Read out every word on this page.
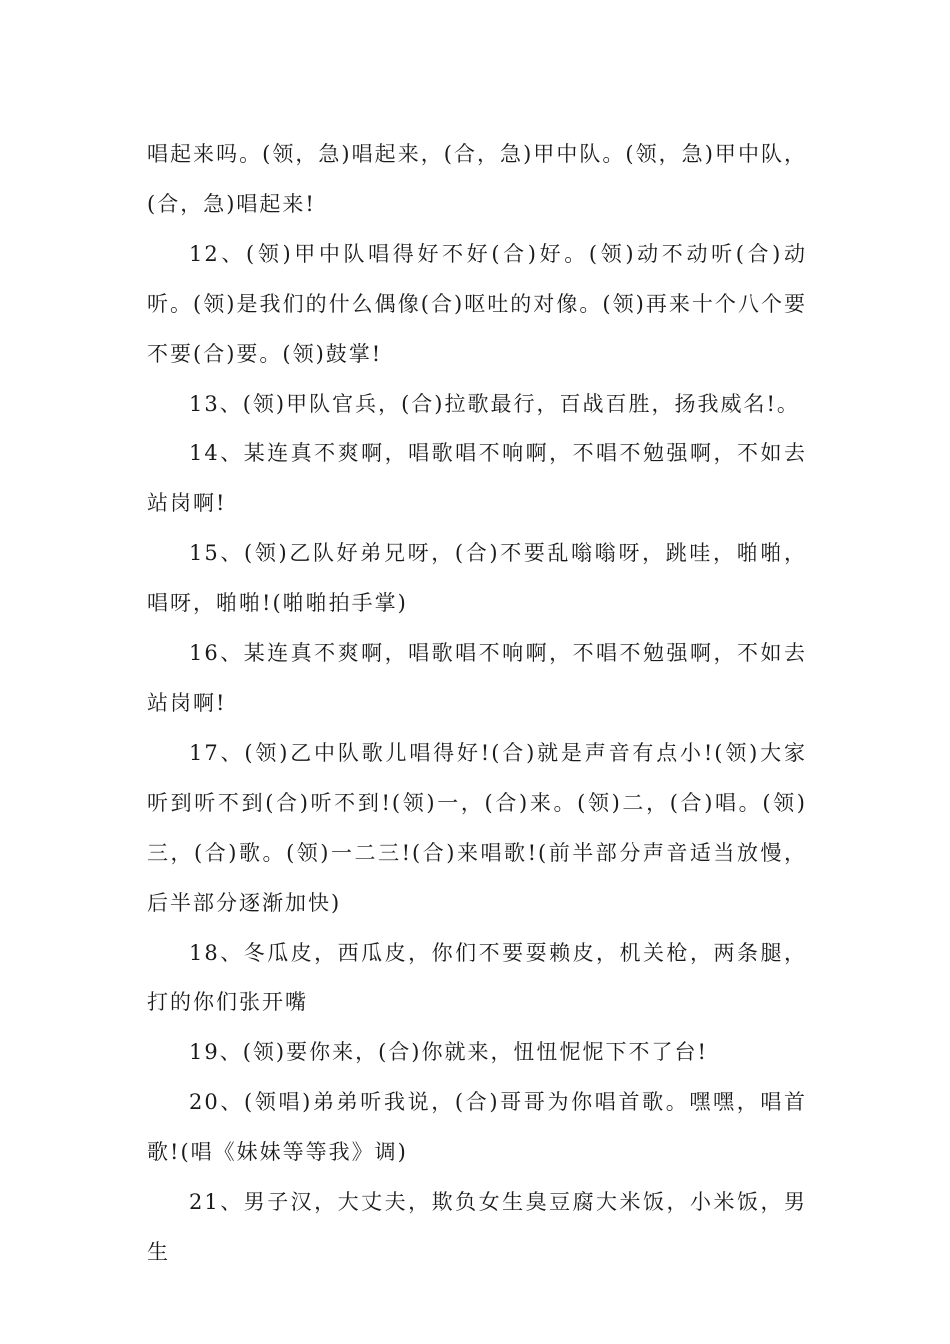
唱起来吗。(领，急)唱起来，(合，急)甲中队。(领，急)甲中队，(合，急)唱起来!

12、(领)甲中队唱得好不好(合)好。(领)动不动听(合)动听。(领)是我们的什么偶像(合)呕吐的对像。(领)再来十个八个要不要(合)要。(领)鼓掌!

13、(领)甲队官兵，(合)拉歌最行，百战百胜，扬我威名!。

14、某连真不爽啊，唱歌唱不响啊，不唱不勉强啊，不如去站岗啊!

15、(领)乙队好弟兄呀，(合)不要乱嗡嗡呀，跳哇，啪啪，唱呀，啪啪!(啪啪拍手掌)

16、某连真不爽啊，唱歌唱不响啊，不唱不勉强啊，不如去站岗啊!

17、(领)乙中队歌儿唱得好!(合)就是声音有点小!(领)大家听到听不到(合)听不到!(领)一，(合)来。(领)二，(合)唱。(领)三，(合)歌。(领)一二三!(合)来唱歌!(前半部分声音适当放慢，后半部分逐渐加快)

18、冬瓜皮，西瓜皮，你们不要耍赖皮，机关枪，两条腿，打的你们张开嘴

19、(领)要你来，(合)你就来，忸忸怩怩下不了台!

20、(领唱)弟弟听我说，(合)哥哥为你唱首歌。嘿嘿，唱首歌!(唱《妹妹等等我》调)

21、男子汉，大丈夫，欺负女生臭豆腐大米饭，小米饭，男生
